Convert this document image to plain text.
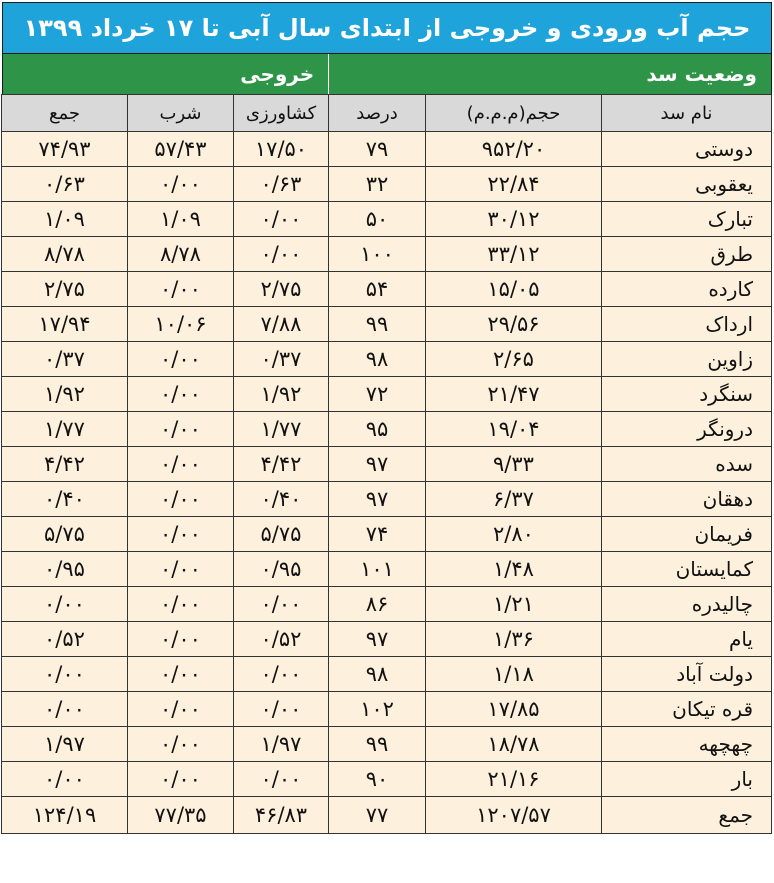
حجم آب ورودی و خروجی از ابتدای سال آبی تا ۱۷ خرداد ۱۳۹۹
وضعیت سد
خروجی
نام سد	حجم(م.م.م)	درصد	کشاورزی	شرب	جمع
دوستی	۹۵۲/۲۰	۷۹	۱۷/۵۰	۵۷/۴۳	۷۴/۹۳
یعقوبی	۲۲/۸۴	۳۲	۰/۶۳	۰/۰۰	۰/۶۳
تبارک	۳۰/۱۲	۵۰	۰/۰۰	۱/۰۹	۱/۰۹
طرق	۳۳/۱۲	۱۰۰	۰/۰۰	۸/۷۸	۸/۷۸
کارده	۱۵/۰۵	۵۴	۲/۷۵	۰/۰۰	۲/۷۵
ارداک	۲۹/۵۶	۹۹	۷/۸۸	۱۰/۰۶	۱۷/۹۴
زاوین	۲/۶۵	۹۸	۰/۳۷	۰/۰۰	۰/۳۷
سنگرد	۲۱/۴۷	۷۲	۱/۹۲	۰/۰۰	۱/۹۲
درونگر	۱۹/۰۴	۹۵	۱/۷۷	۰/۰۰	۱/۷۷
سده	۹/۳۳	۹۷	۴/۴۲	۰/۰۰	۴/۴۲
دهقان	۶/۳۷	۹۷	۰/۴۰	۰/۰۰	۰/۴۰
فریمان	۲/۸۰	۷۴	۵/۷۵	۰/۰۰	۵/۷۵
کمایستان	۱/۴۸	۱۰۱	۰/۹۵	۰/۰۰	۰/۹۵
چالیدره	۱/۲۱	۸۶	۰/۰۰	۰/۰۰	۰/۰۰
یام	۱/۳۶	۹۷	۰/۵۲	۰/۰۰	۰/۵۲
دولت آباد	۱/۱۸	۹۸	۰/۰۰	۰/۰۰	۰/۰۰
قره تیکان	۱۷/۸۵	۱۰۲	۰/۰۰	۰/۰۰	۰/۰۰
چهچهه	۱۸/۷۸	۹۹	۱/۹۷	۰/۰۰	۱/۹۷
بار	۲۱/۱۶	۹۰	۰/۰۰	۰/۰۰	۰/۰۰
جمع	۱۲۰۷/۵۷	۷۷	۴۶/۸۳	۷۷/۳۵	۱۲۴/۱۹
